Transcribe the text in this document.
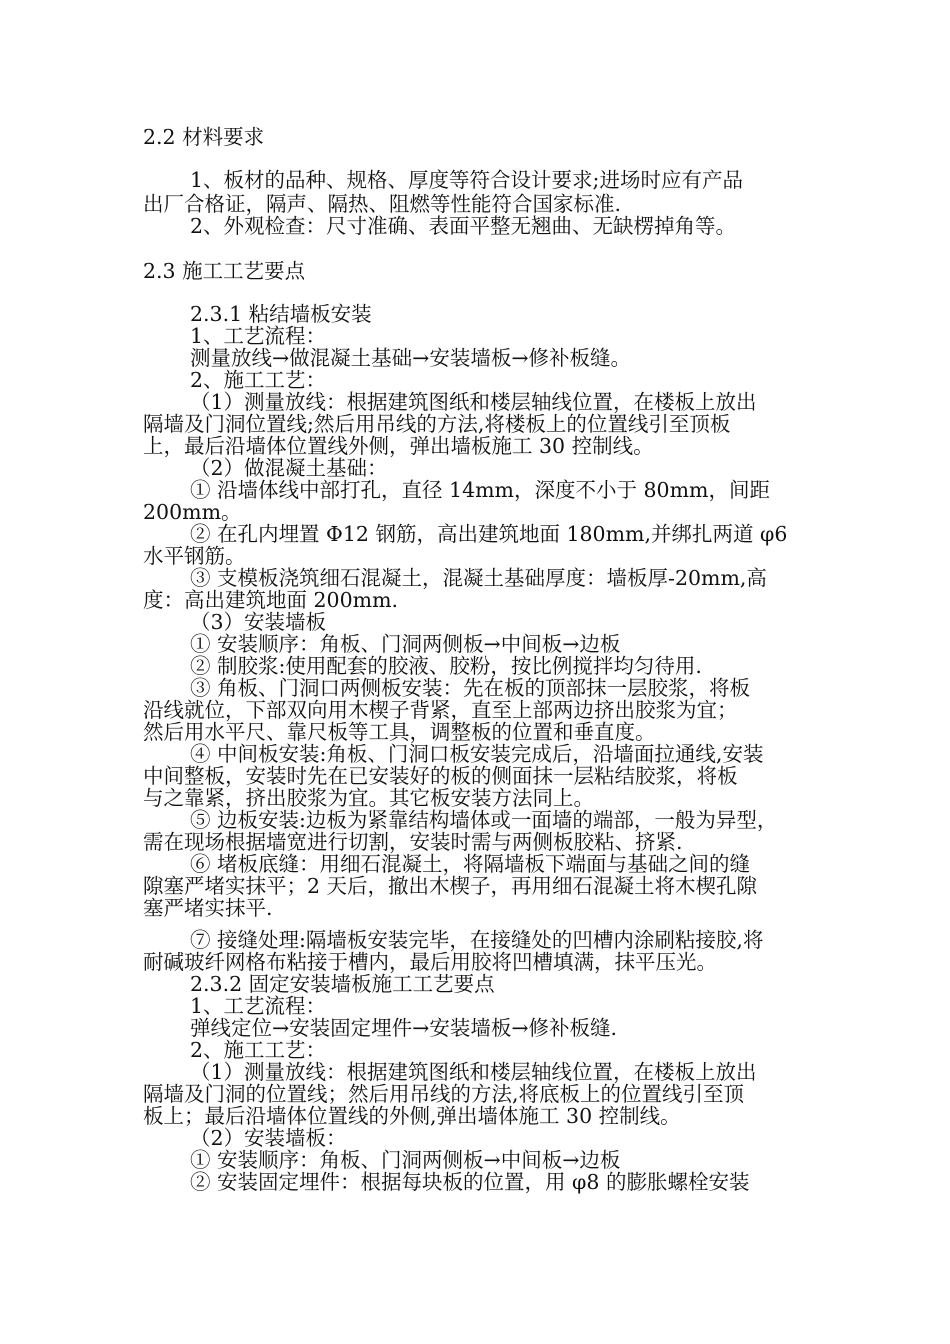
2.2 材料要求
1、板材的品种、规格、厚度等符合设计要求;进场时应有产品
出厂合格证，隔声、隔热、阻燃等性能符合国家标准.
2、外观检查：尺寸准确、表面平整无翘曲、无缺楞掉角等。
2.3 施工工艺要点
2.3.1 粘结墙板安装
1、工艺流程：
测量放线→做混凝土基础→安装墙板→修补板缝。
2、施工工艺：
（1）测量放线：根据建筑图纸和楼层轴线位置，在楼板上放出
隔墙及门洞位置线;然后用吊线的方法,将楼板上的位置线引至顶板
上，最后沿墙体位置线外侧，弹出墙板施工 30 控制线。
（2）做混凝土基础：
① 沿墙体线中部打孔，直径 14mm，深度不小于 80mm，间距
200mm。
② 在孔内埋置 Φ12 钢筋，高出建筑地面 180mm,并绑扎两道 φ6
水平钢筋。
③ 支模板浇筑细石混凝土，混凝土基础厚度：墙板厚-20mm,高
度：高出建筑地面 200mm.
（3）安装墙板
① 安装顺序：角板、门洞两侧板→中间板→边板
② 制胶浆:使用配套的胶液、胶粉，按比例搅拌均匀待用.
③ 角板、门洞口两侧板安装：先在板的顶部抹一层胶浆，将板
沿线就位，下部双向用木楔子背紧，直至上部两边挤出胶浆为宜；
然后用水平尺、靠尺板等工具，调整板的位置和垂直度。
④ 中间板安装:角板、门洞口板安装完成后，沿墙面拉通线,安装
中间整板，安装时先在已安装好的板的侧面抹一层粘结胶浆，将板
与之靠紧，挤出胶浆为宜。其它板安装方法同上。
⑤ 边板安装:边板为紧靠结构墙体或一面墙的端部，一般为异型，
需在现场根据墙宽进行切割，安装时需与两侧板胶粘、挤紧.
⑥ 堵板底缝：用细石混凝土，将隔墙板下端面与基础之间的缝
隙塞严堵实抹平；2 天后，撤出木楔子，再用细石混凝土将木楔孔隙
塞严堵实抹平.
⑦ 接缝处理:隔墙板安装完毕，在接缝处的凹槽内涂刷粘接胶,将
耐碱玻纤网格布粘接于槽内，最后用胶将凹槽填满，抹平压光。
2.3.2 固定安装墙板施工工艺要点
1、工艺流程：
弹线定位→安装固定埋件→安装墙板→修补板缝.
2、施工工艺：
（1）测量放线：根据建筑图纸和楼层轴线位置，在楼板上放出
隔墙及门洞的位置线；然后用吊线的方法,将底板上的位置线引至顶
板上；最后沿墙体位置线的外侧,弹出墙体施工 30 控制线。
（2）安装墙板：
① 安装顺序：角板、门洞两侧板→中间板→边板
② 安装固定埋件：根据每块板的位置，用 φ8 的膨胀螺栓安装
